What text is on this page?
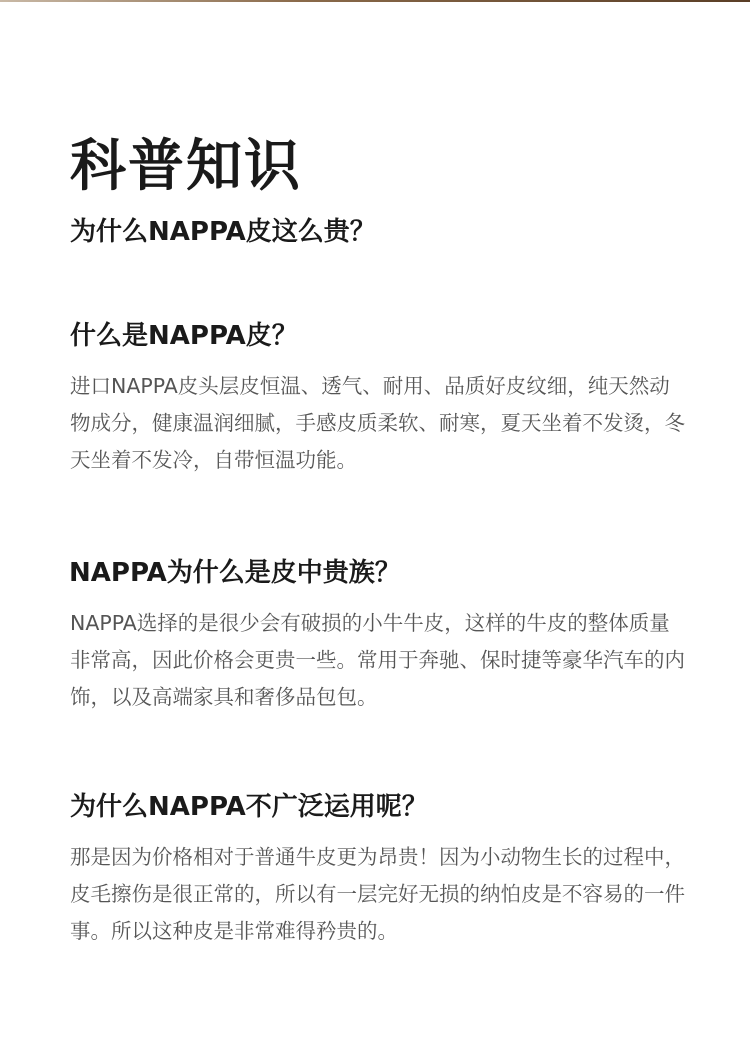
科普知识
为什么NAPPA皮这么贵？
什么是NAPPA皮？

进口NAPPA皮头层皮恒温、透气、耐用、品质好皮纹细，纯天然动物成分，健康温润细腻，手感皮质柔软、耐寒，夏天坐着不发烫，冬天坐着不发冷，自带恒温功能。

NAPPA为什么是皮中贵族？

NAPPA选择的是很少会有破损的小牛牛皮，这样的牛皮的整体质量非常高，因此价格会更贵一些。常用于奔驰、保时捷等豪华汽车的内饰，以及高端家具和奢侈品包包。

为什么NAPPA不广泛运用呢？

那是因为价格相对于普通牛皮更为昂贵！因为小动物生长的过程中，皮毛擦伤是很正常的，所以有一层完好无损的纳怕皮是不容易的一件事。所以这种皮是非常难得矜贵的。
